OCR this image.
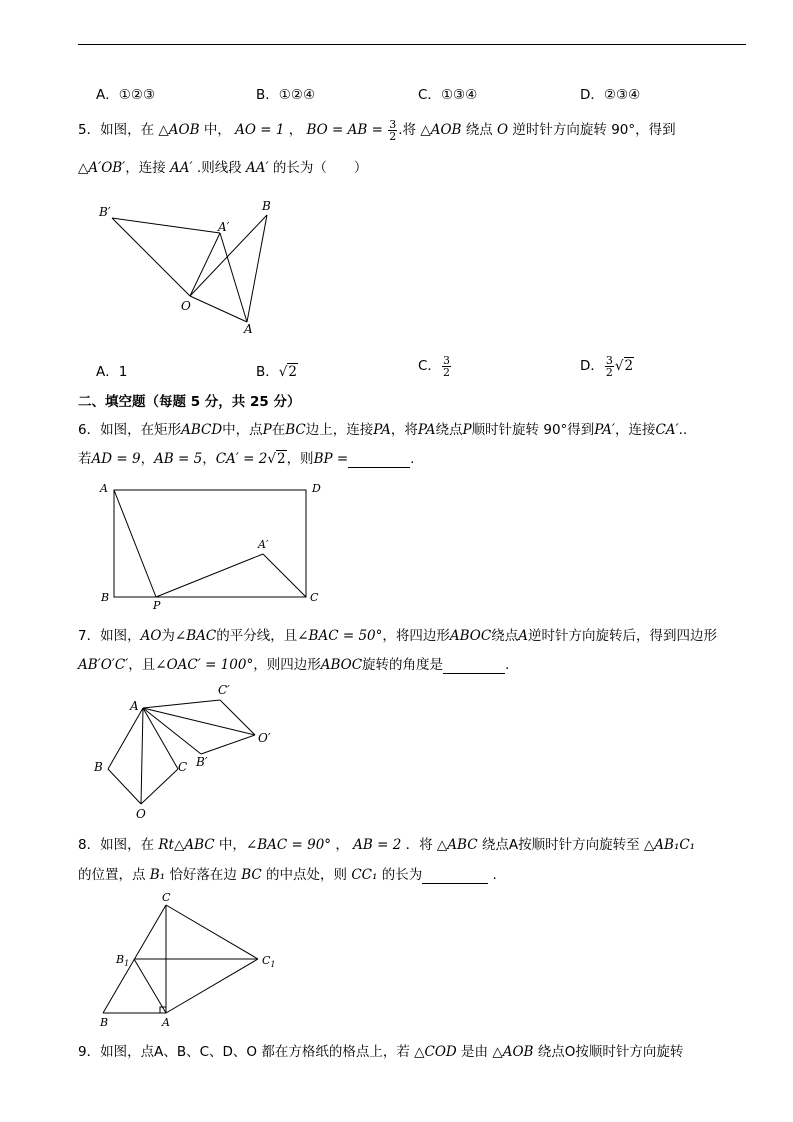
A．①②③	B．①②④	C．①③④	D．②③④
5．如图，在 △AOB 中， AO = 1 ， BO = AB = $\frac{3}{2}$ .将 △AOB 绕点 O 逆时针方向旋转 90°，得到
△A′OB′，连接 AA′ .则线段 AA′ 的长为（　　）
B′
A′
B
O
A
A．1	B．√2	C． $\frac{3}{2}$	D． $\frac{3}{2} √2$
二、填空题（每题 5 分，共 25 分）
6．如图，在矩形ABCD中，点P在BC边上，连接PA，将PA绕点P顺时针旋转 90°得到PA′，连接CA′..
若AD = 9，AB = 5，CA′ = 2√2，则BP =	.
A	D
A′
B
P
C
7．如图，AO为∠BAC的平分线，且∠BAC = 50°，将四边形ABOC绕点A逆时针方向旋转后，得到四边形
AB′O′C′，且∠OAC′ = 100°，则四边形ABOC旋转的角度是	.
A
C′
O′
B′
B	C
O
8．如图，在 Rt△ABC 中，∠BAC = 90° ， AB = 2 ．将 △ABC 绕点A按顺时针方向旋转至 △AB₁C₁
的位置，点 B₁ 恰好落在边 BC 的中点处，则 CC₁ 的长为	.
C
$B_1$	$C_1$
B	A
9．如图，点A、B、C、D、O 都在方格纸的格点上，若 △COD 是由 △AOB 绕点O按顺时针方向旋转
